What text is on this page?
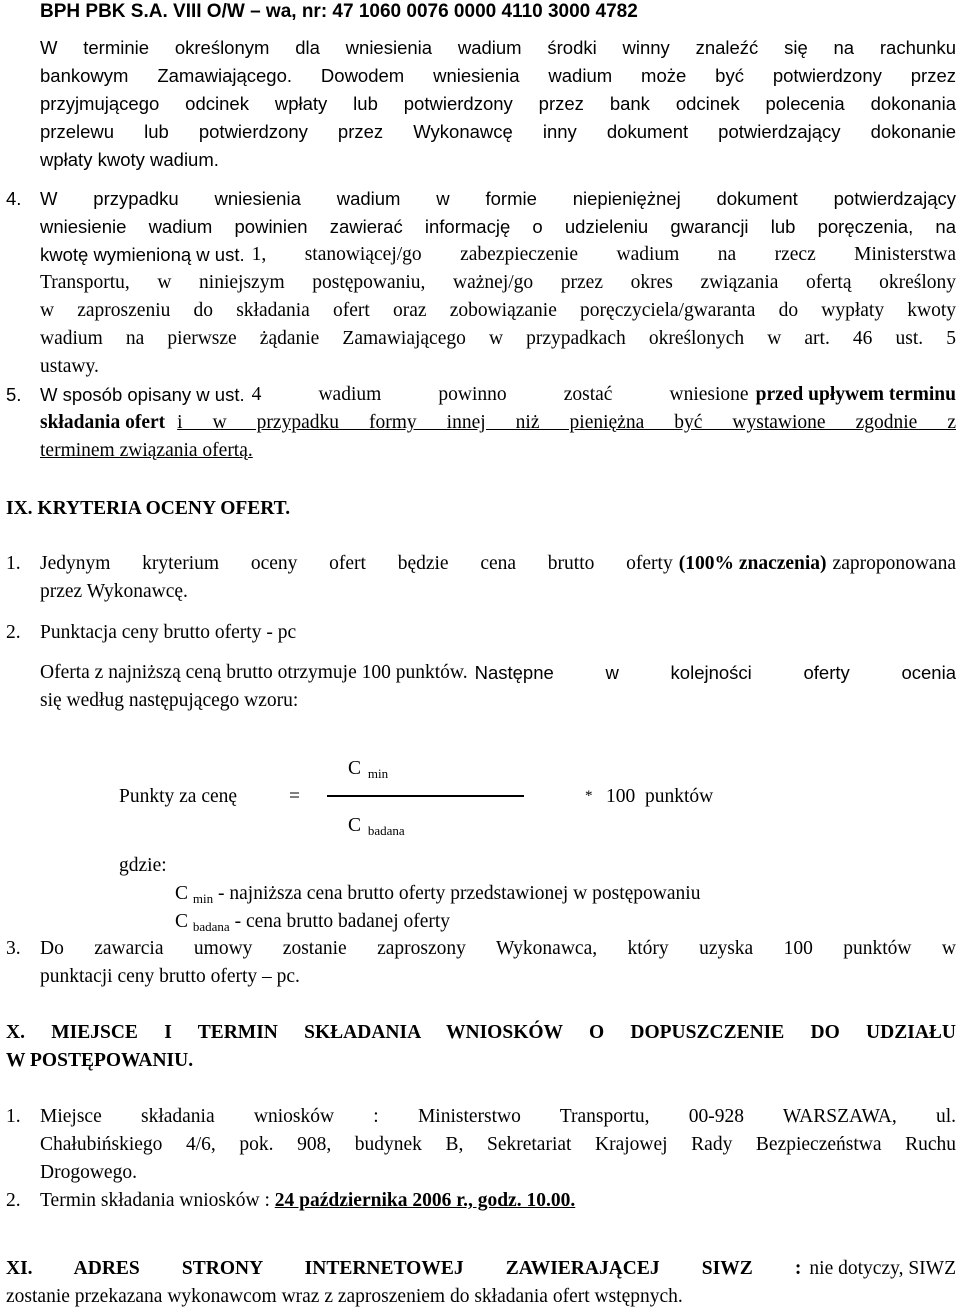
BPH PBK S.A. VIII O/W – wa, nr: 47 1060 0076 0000 4110 3000 4782
W terminie określonym dla wniesienia wadium środki winny znaleźć się na rachunku
bankowym Zamawiającego. Dowodem wniesienia wadium może być potwierdzony przez
przyjmującego odcinek wpłaty lub potwierdzony przez bank odcinek polecenia dokonania
przelewu lub potwierdzony przez Wykonawcę inny dokument potwierdzający dokonanie
wpłaty kwoty wadium.
4. W przypadku wniesienia wadium w formie niepieniężnej dokument potwierdzający
wniesienie wadium powinien zawierać informację o udzieleniu gwarancji lub poręczenia, na
kwotę wymienioną w ust. 1, stanowiącej/go zabezpieczenie wadium na rzecz Ministerstwa
Transportu, w niniejszym postępowaniu, ważnej/go przez okres związania ofertą określony
w zaproszeniu do składania ofert oraz zobowiązanie poręczyciela/gwaranta do wypłaty kwoty
wadium na pierwsze żądanie Zamawiającego w przypadkach określonych w art. 46 ust. 5
ustawy.
5. W sposób opisany w ust. 4 wadium powinno zostać wniesione przed upływem terminu
składania ofert i w przypadku formy innej niż pieniężna być wystawione zgodnie z
terminem związania ofertą.
IX. KRYTERIA OCENY OFERT.
1. Jedynym kryterium oceny ofert będzie cena brutto oferty (100% znaczenia) zaproponowana
przez Wykonawcę.
2. Punktacja ceny brutto oferty - pc
Oferta z najniższą ceną brutto otrzymuje 100 punktów. Następne w kolejności oferty ocenia
się według następującego wzoru:
Punkty za cenę	=
C $_{min}$
C $_{badana}$
* 100  punktów
gdzie:
C $_{min}$ - najniższa cena brutto oferty przedstawionej w postępowaniu
C $_{badana}$ - cena brutto badanej oferty
3. Do zawarcia umowy zostanie zaproszony Wykonawca, który uzyska 100 punktów w
punktacji ceny brutto oferty – pc.
X. MIEJSCE I TERMIN SKŁADANIA WNIOSKÓW O DOPUSZCZENIE DO UDZIAŁU
W POSTĘPOWANIU.
1. Miejsce składania wniosków : Ministerstwo Transportu, 00-928 WARSZAWA, ul.
Chałubińskiego 4/6, pok. 908, budynek B, Sekretariat Krajowej Rady Bezpieczeństwa Ruchu
Drogowego.
2. Termin składania wniosków : 24 października 2006 r., godz. 10.00.
XI. ADRES STRONY INTERNETOWEJ ZAWIERAJĄCEJ SIWZ : nie dotyczy, SIWZ
zostanie przekazana wykonawcom wraz z zaproszeniem do składania ofert wstępnych.
